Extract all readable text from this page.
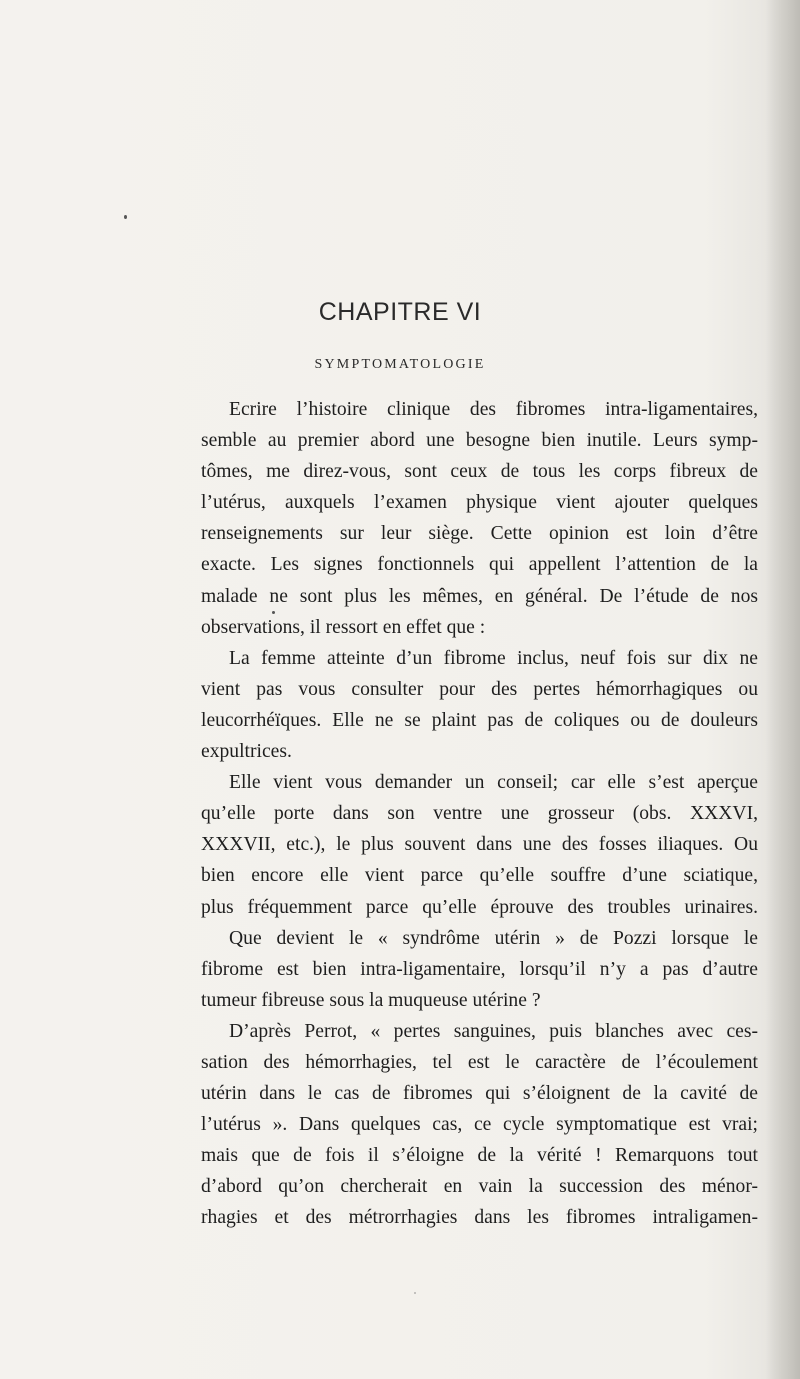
CHAPITRE VI
SYMPTOMATOLOGIE
Ecrire l’histoire clinique des fibromes intra-ligamentaires,
semble au premier abord une besogne bien inutile. Leurs symp-
tômes, me direz-vous, sont ceux de tous les corps fibreux de
l’utérus, auxquels l’examen physique vient ajouter quelques
renseignements sur leur siège. Cette opinion est loin d’être
exacte. Les signes fonctionnels qui appellent l’attention de la
malade ne sont plus les mêmes, en général. De l’étude de nos
observations, il ressort en effet que :
La femme atteinte d’un fibrome inclus, neuf fois sur dix ne
vient pas vous consulter pour des pertes hémorrhagiques ou
leucorrhéïques. Elle ne se plaint pas de coliques ou de douleurs
expultrices.
Elle vient vous demander un conseil; car elle s’est aperçue
qu’elle porte dans son ventre une grosseur (obs. XXXVI,
XXXVII, etc.), le plus souvent dans une des fosses iliaques. Ou
bien encore elle vient parce qu’elle souffre d’une sciatique,
plus fréquemment parce qu’elle éprouve des troubles urinaires.
Que devient le « syndrôme utérin » de Pozzi lorsque le
fibrome est bien intra-ligamentaire, lorsqu’il n’y a pas d’autre
tumeur fibreuse sous la muqueuse utérine ?
D’après Perrot, « pertes sanguines, puis blanches avec ces-
sation des hémorrhagies, tel est le caractère de l’écoulement
utérin dans le cas de fibromes qui s’éloignent de la cavité de
l’utérus ». Dans quelques cas, ce cycle symptomatique est vrai;
mais que de fois il s’éloigne de la vérité ! Remarquons tout
d’abord qu’on chercherait en vain la succession des ménor-
rhagies et des métrorrhagies dans les fibromes intraligamen-
